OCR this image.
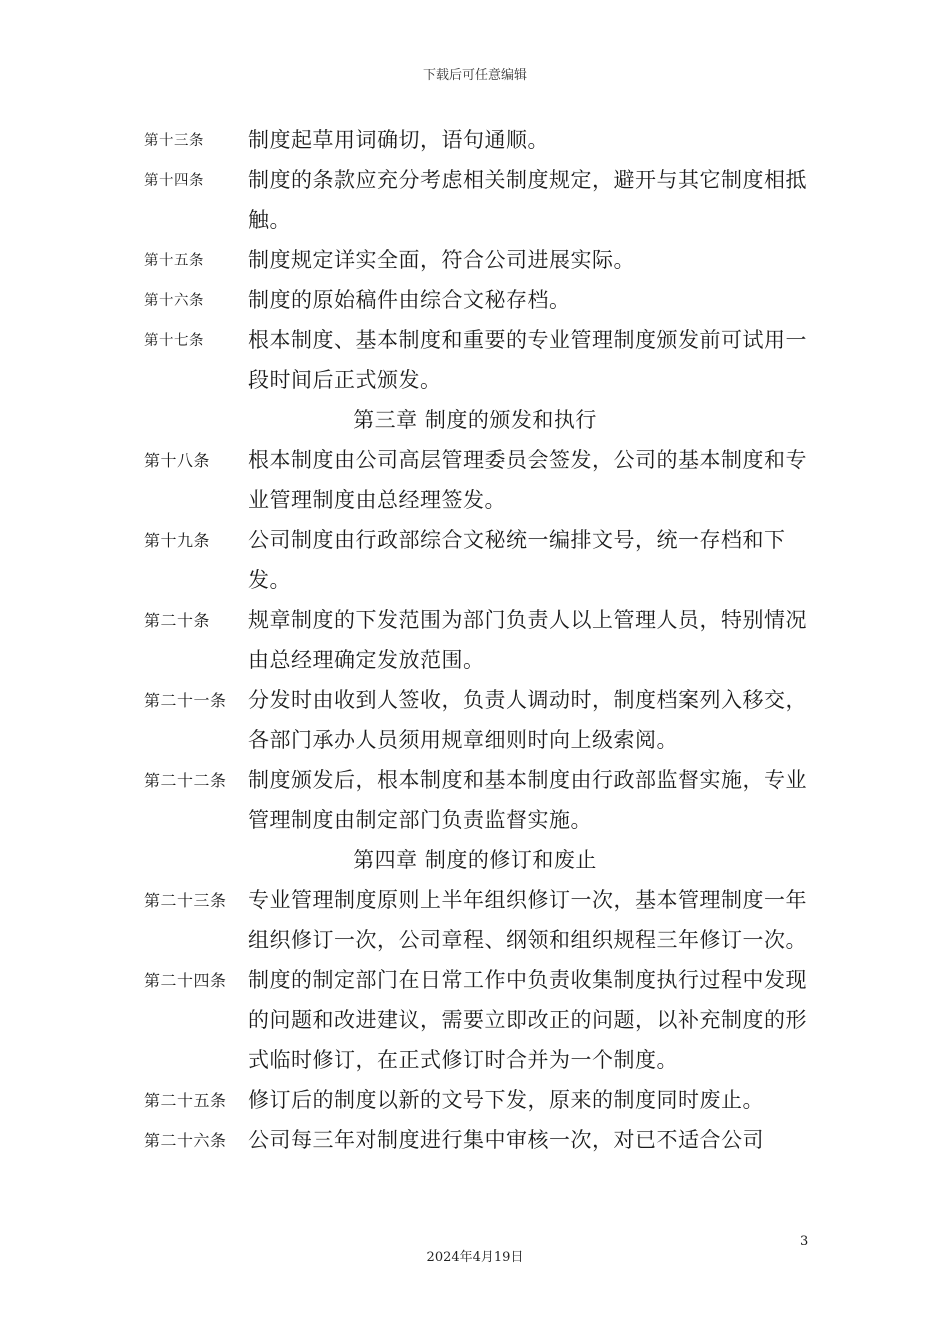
下载后可任意编辑
第十三条 制度起草用词确切，语句通顺。
第十四条 制度的条款应充分考虑相关制度规定，避开与其它制度相抵触。
第十五条 制度规定详实全面，符合公司进展实际。
第十六条 制度的原始稿件由综合文秘存档。
第十七条 根本制度、基本制度和重要的专业管理制度颁发前可试用一段时间后正式颁发。
第三章 制度的颁发和执行
第十八条 根本制度由公司高层管理委员会签发，公司的基本制度和专业管理制度由总经理签发。
第十九条 公司制度由行政部综合文秘统一编排文号，统一存档和下发。
第二十条 规章制度的下发范围为部门负责人以上管理人员，特别情况由总经理确定发放范围。
第二十一条 分发时由收到人签收，负责人调动时，制度档案列入移交，各部门承办人员须用规章细则时向上级索阅。
第二十二条 制度颁发后，根本制度和基本制度由行政部监督实施，专业管理制度由制定部门负责监督实施。
第四章 制度的修订和废止
第二十三条 专业管理制度原则上半年组织修订一次，基本管理制度一年组织修订一次，公司章程、纲领和组织规程三年修订一次。
第二十四条 制度的制定部门在日常工作中负责收集制度执行过程中发现的问题和改进建议，需要立即改正的问题，以补充制度的形式临时修订，在正式修订时合并为一个制度。
第二十五条 修订后的制度以新的文号下发，原来的制度同时废止。
第二十六条 公司每三年对制度进行集中审核一次，对已不适合公司
3
2024年4月19日
